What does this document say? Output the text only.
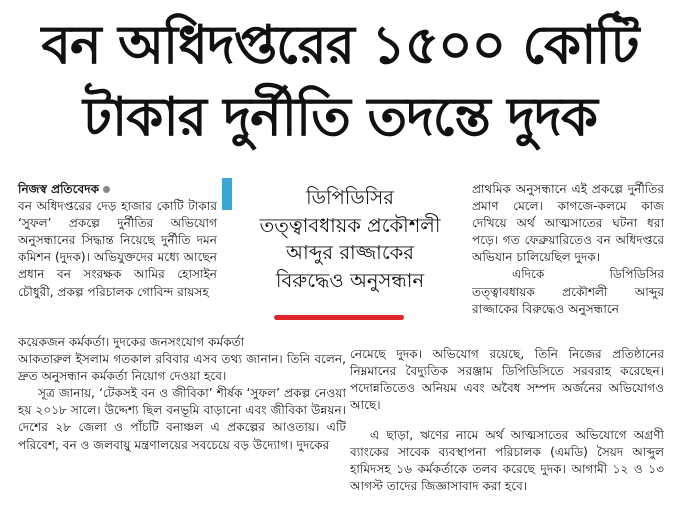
বন অধিদপ্তরের ১৫০০ কোটি
টাকার দুর্নীতি তদন্তে দুদক

নিজস্ব প্রতিবেদক

বন অধিদপ্তরের দেড় হাজার কোটি টাকার ‘সুফল’ প্রকল্পে দুর্নীতির অভিযোগ অনুসন্ধানের সিদ্ধান্ত নিয়েছে দুর্নীতি দমন কমিশন (দুদক)। অভিযুক্তদের মধ্যে আছেন প্রধান বন সংরক্ষক আমির হোসাইন চৌধুরী, প্রকল্প পরিচালক গোবিন্দ রায়সহ

ডিপিডিসির
তত্ত্বাবধায়ক প্রকৌশলী
আব্দুর রাজ্জাকের
বিরুদ্ধেও অনুসন্ধান

প্রাথমিক অনুসন্ধানে এই প্রকল্পে দুর্নীতির প্রমাণ মেলে। কাগজে-কলমে কাজ দেখিয়ে অর্থ আত্মসাতের ঘটনা ধরা পড়ে। গত ফেব্রুয়ারিতেও বন অধিদপ্তরে অভিযান চালিয়েছিল দুদক।

এদিকে ডিপিডিসির তত্ত্বাবধায়ক প্রকৌশলী আব্দুর রাজ্জাকের বিরুদ্ধেও অনুসন্ধানে

কয়েকজন কর্মকর্তা। দুদকের জনসংযোগ কর্মকর্তা

আকতারুল ইসলাম গতকাল রবিবার এসব তথ্য জানান। তিনি বলেন, দ্রুত অনুসন্ধান কর্মকর্তা নিয়োগ দেওয়া হবে।

সূত্র জানায়, ‘টেকসই বন ও জীবিকা’ শীর্ষক ‘সুফল’ প্রকল্প নেওয়া হয় ২০১৮ সালে। উদ্দেশ্য ছিল বনভূমি বাড়ানো এবং জীবিকা উন্নয়ন। দেশের ২৮ জেলা ও পাঁচটি বনাঞ্চল এ প্রকল্পের আওতায়। এটি পরিবেশ, বন ও জলবায়ু মন্ত্রণালয়ের সবচেয়ে বড় উদ্যোগ। দুদকের

নেমেছে দুদক। অভিযোগ রয়েছে, তিনি নিজের প্রতিষ্ঠানের নিম্নমানের বৈদ্যুতিক সরঞ্জাম ডিপিডিসিতে সরবরাহ করেছেন। পদোন্নতিতেও অনিয়ম এবং অবৈধ সম্পদ অর্জনের অভিযোগও আছে।

এ ছাড়া, ঋণের নামে অর্থ আত্মসাতের অভিযোগে অগ্রণী ব্যাংকের সাবেক ব্যবস্থাপনা পরিচালক (এমডি) সৈয়দ আব্দুল হামিদসহ ১৬ কর্মকর্তাকে তলব করেছে দুদক। আগামী ১২ ও ১৩ আগস্ট তাদের জিজ্ঞাসাবাদ করা হবে।
